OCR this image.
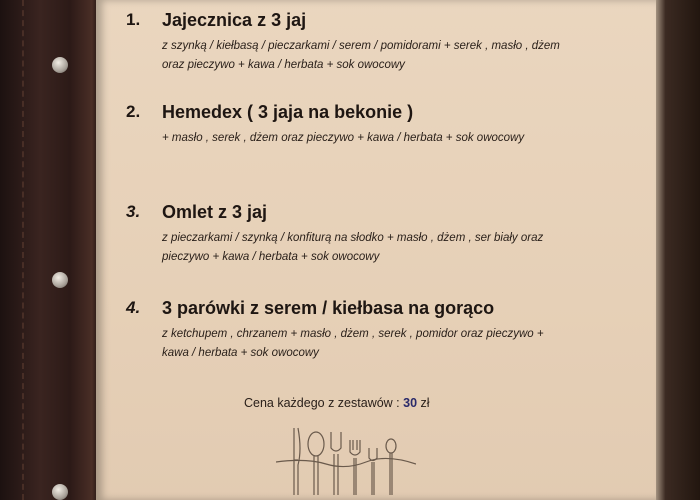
1. Jajecznica z 3 jaj
z szynką / kiełbasą / pieczarkami / serem / pomidorami + serek , masło , dżem oraz pieczywo + kawa / herbata + sok owocowy
2. Hemedex ( 3 jaja na bekonie )
+ masło , serek , dżem oraz pieczywo + kawa / herbata + sok owocowy
3. Omlet z 3 jaj
z pieczarkami / szynką / konfiturą na słodko + masło , dżem , ser biały oraz pieczywo + kawa / herbata + sok owocowy
4. 3 parówki z serem / kiełbasa na gorąco
z ketchupem , chrzanem + masło , dżem , serek , pomidor oraz pieczywo + kawa / herbata + sok owocowy
Cena każdego z zestawów : 30 zł
